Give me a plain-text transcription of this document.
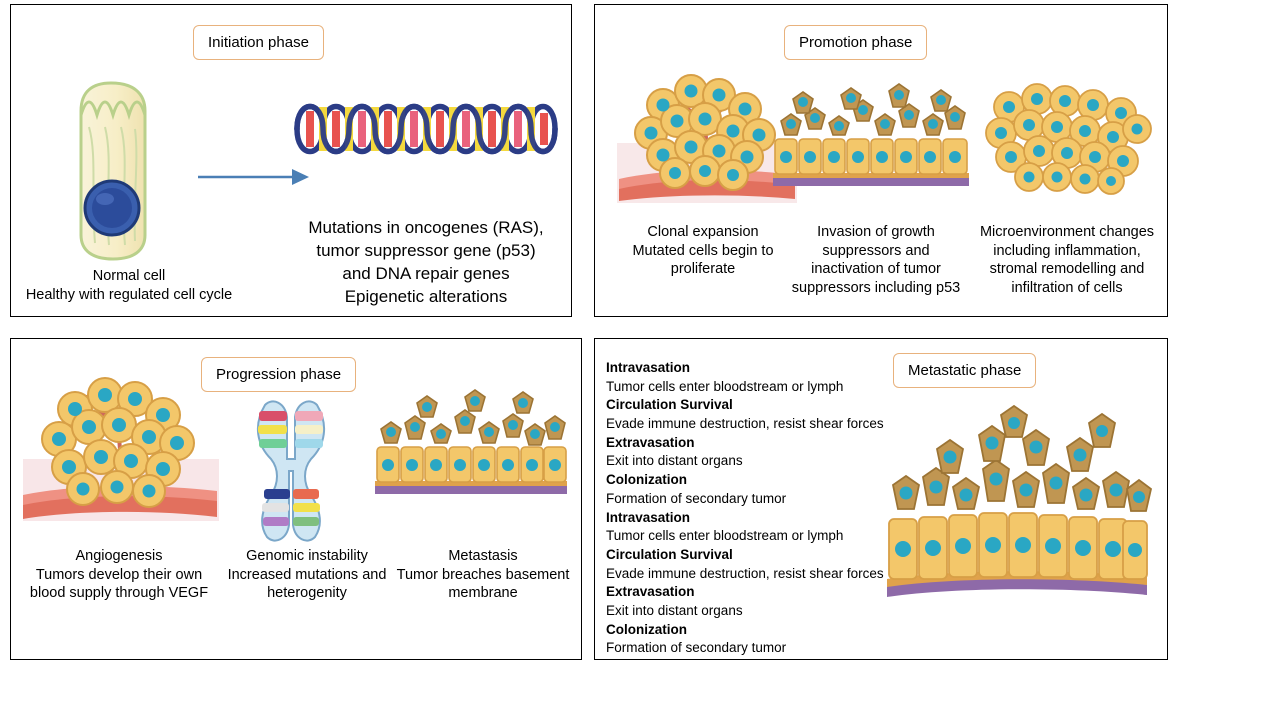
Initiation phase
Normal cell
Healthy with regulated cell cycle
Mutations in oncogenes (RAS),
tumor suppressor gene (p53)
and DNA repair genes
Epigenetic alterations
Promotion phase
Clonal expansion
Mutated cells begin to
proliferate
Invasion of growth
suppressors and
inactivation of tumor
suppressors including p53
Microenvironment changes
including inflammation,
stromal remodelling and
infiltration of cells
Progression phase
Angiogenesis
Tumors develop their own
blood supply through VEGF
Genomic instability
Increased mutations and
heterogenity
Metastasis
Tumor breaches basement
membrane
Metastatic phase
Intravasation
Tumor cells enter bloodstream or lymph
Circulation Survival
Evade immune destruction, resist shear forces
Extravasation
Exit into distant organs
Colonization
Formation of secondary tumor
Intravasation
Tumor cells enter bloodstream or lymph
Circulation Survival
Evade immune destruction, resist shear forces
Extravasation
Exit into distant organs
Colonization
Formation of secondary tumor
